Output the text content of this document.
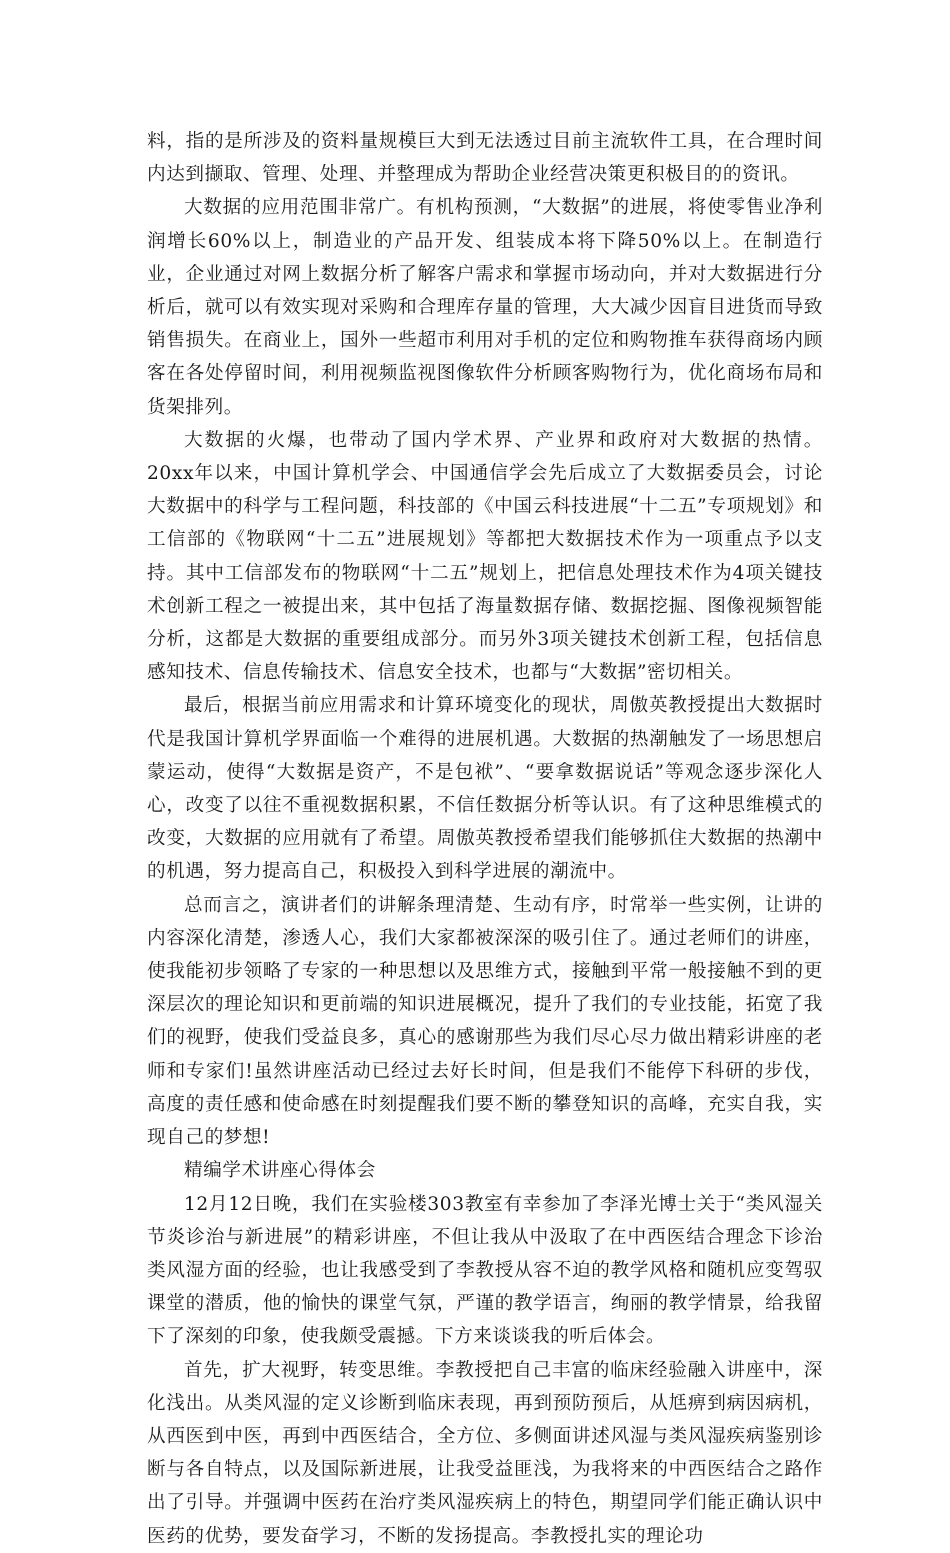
料，指的是所涉及的资料量规模巨大到无法透过目前主流软件工具，在合理时间内达到撷取、管理、处理、并整理成为帮助企业经营决策更积极目的的资讯。

大数据的应用范围非常广。有机构预测，“大数据”的进展，将使零售业净利润增长60%以上，制造业的产品开发、组装成本将下降50%以上。在制造行业，企业通过对网上数据分析了解客户需求和掌握市场动向，并对大数据进行分析后，就可以有效实现对采购和合理库存量的管理，大大减少因盲目进货而导致销售损失。在商业上，国外一些超市利用对手机的定位和购物推车获得商场内顾客在各处停留时间，利用视频监视图像软件分析顾客购物行为，优化商场布局和货架排列。

大数据的火爆，也带动了国内学术界、产业界和政府对大数据的热情。20xx年以来，中国计算机学会、中国通信学会先后成立了大数据委员会，讨论大数据中的科学与工程问题，科技部的《中国云科技进展“十二五”专项规划》和工信部的《物联网“十二五”进展规划》等都把大数据技术作为一项重点予以支持。其中工信部发布的物联网“十二五”规划上，把信息处理技术作为4项关键技术创新工程之一被提出来，其中包括了海量数据存储、数据挖掘、图像视频智能分析，这都是大数据的重要组成部分。而另外3项关键技术创新工程，包括信息感知技术、信息传输技术、信息安全技术，也都与“大数据”密切相关。

最后，根据当前应用需求和计算环境变化的现状，周傲英教授提出大数据时代是我国计算机学界面临一个难得的进展机遇。大数据的热潮触发了一场思想启蒙运动，使得“大数据是资产，不是包袱”、“要拿数据说话”等观念逐步深化人心，改变了以往不重视数据积累，不信任数据分析等认识。有了这种思维模式的改变，大数据的应用就有了希望。周傲英教授希望我们能够抓住大数据的热潮中的机遇，努力提高自己，积极投入到科学进展的潮流中。

总而言之，演讲者们的讲解条理清楚、生动有序，时常举一些实例，让讲的内容深化清楚，渗透人心，我们大家都被深深的吸引住了。通过老师们的讲座，使我能初步领略了专家的一种思想以及思维方式，接触到平常一般接触不到的更深层次的理论知识和更前端的知识进展概况，提升了我们的专业技能，拓宽了我们的视野，使我们受益良多，真心的感谢那些为我们尽心尽力做出精彩讲座的老师和专家们!虽然讲座活动已经过去好长时间，但是我们不能停下科研的步伐，高度的责任感和使命感在时刻提醒我们要不断的攀登知识的高峰，充实自我，实现自己的梦想!

精编学术讲座心得体会

12月12日晚，我们在实验楼303教室有幸参加了李泽光博士关于“类风湿关节炎诊治与新进展”的精彩讲座，不但让我从中汲取了在中西医结合理念下诊治类风湿方面的经验，也让我感受到了李教授从容不迫的教学风格和随机应变驾驭课堂的潜质，他的愉快的课堂气氛，严谨的教学语言，绚丽的教学情景，给我留下了深刻的印象，使我颇受震撼。下方来谈谈我的听后体会。

首先，扩大视野，转变思维。李教授把自己丰富的临床经验融入讲座中，深化浅出。从类风湿的定义诊断到临床表现，再到预防预后，从尪痹到病因病机，从西医到中医，再到中西医结合，全方位、多侧面讲述风湿与类风湿疾病鉴别诊断与各自特点，以及国际新进展，让我受益匪浅，为我将来的中西医结合之路作出了引导。并强调中医药在治疗类风湿疾病上的特色，期望同学们能正确认识中医药的优势，要发奋学习，不断的发扬提高。李教授扎实的理论功
